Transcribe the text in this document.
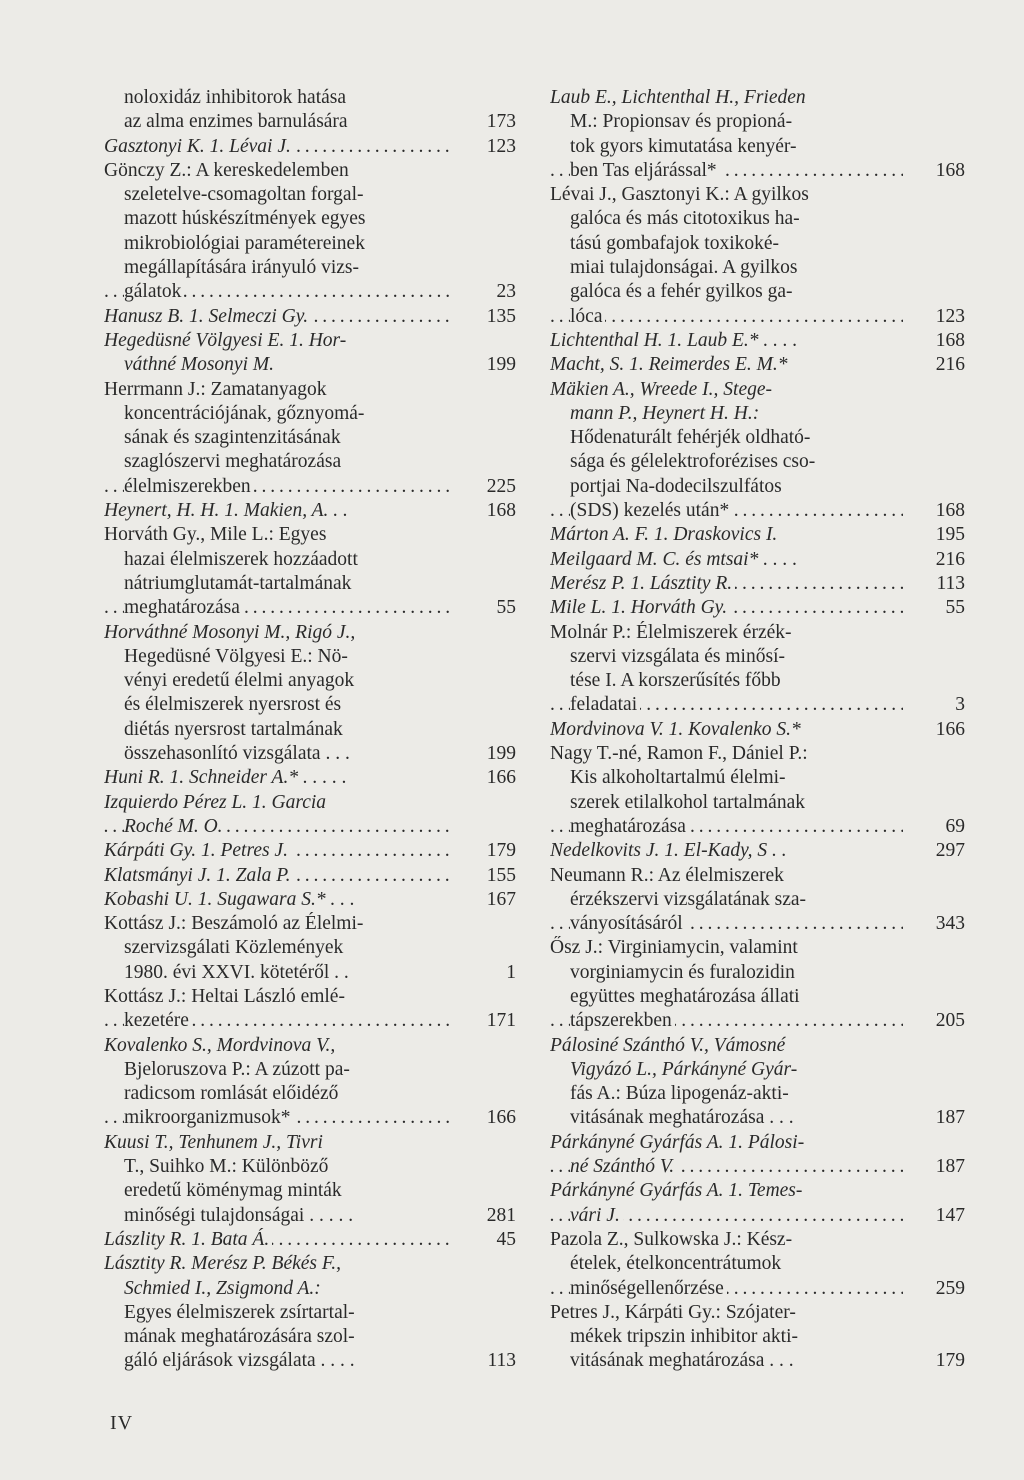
noloxidáz inhibitorok hatása
az alma enzimes barnulására	173
Gasztonyi K. 1. Lévai J.	123
. . .
Gönczy Z.: A kereskedelemben
szeletelve-csomagoltan forgal-
mazott húskészítmények egyes
mikrobiológiai paramétereinek
megállapítására irányuló vizs-
gálatok	23
. . .
Hanusz B. 1. Selmeczi Gy.	135
. . .
Hegedüsné Völgyesi E. 1. Hor-
váthné Mosonyi M.	199
Herrmann J.: Zamatanyagok
koncentrációjának, gőznyomá-
sának és szagintenzitásának
szaglószervi meghatározása
élelmiszerekben	225
. . .
Heynert, H. H. 1. Makien, A. . .	168
Horváth Gy., Mile L.: Egyes
hazai élelmiszerek hozzáadott
nátriumglutamát-tartalmának
meghatározása	55
. . .
Horváthné Mosonyi M., Rigó J.,
Hegedüsné Völgyesi E.: Nö-
vényi eredetű élelmi anyagok
és élelmiszerek nyersrost és
diétás nyersrost tartalmának
összehasonlító vizsgálata . . .	199
Huni R. 1. Schneider A.* . . . . .	166
Izquierdo Pérez L. 1. Garcia
Roché M. O. . . .
Kárpáti Gy. 1. Petres J.	179
. . .
Klatsmányi J. 1. Zala P.	155
. . .
Kobashi U. 1. Sugawara S.* . . .	167
Kottász J.: Beszámoló az Élelmi-
szervizsgálati Közlemények
1980. évi XXVI. kötetéről . .	1
Kottász J.: Heltai László emlé-
kezetére	171
. . .
Kovalenko S., Mordvinova V.,
Bjelоruszova P.: A zúzott pa-
radicsom romlását előidéző
mikroorganizmusok*	166
. . .
Kuusi T., Tenhunem J., Tivri
T., Suihko M.: Különböző
eredetű köménymag minták
minőségi tulajdonságai . . . . .	281
Lászlity R. 1. Bata Á.	45
. . .
Lásztity R. Merész P. Békés F.,
Schmied I., Zsigmond A.:
Egyes élelmiszerek zsírtartal-
mának meghatározására szol-
gáló eljárások vizsgálata . . . .	113
Laub E., Lichtenthal H., Frieden
M.: Propionsav és propioná-
tok gyors kimutatása kenyér-
ben Tas eljárással*	168
. . .
Lévai J., Gasztonyi K.: A gyilkos
galóca és más citotoxikus ha-
tású gombafajok toxikoké-
miai tulajdonságai. A gyilkos
galóca és a fehér gyilkos ga-
lóca	123
. . .
Lichtenthal H. 1. Laub E.* . . . .	168
Macht, S. 1. Reimerdes E. M.*	216
Mäkien A., Wreede I., Stege-
mann P., Heynert H. H.:
Hődenaturált fehérjék oldható-
sága és gélelektroforézises cso-
portjai Na-dodecilszulfátos
(SDS) kezelés után*	168
. . .
Márton A. F. 1. Draskovics I.	195
Meilgaard M. C. és mtsai* . . . .	216
Merész P. 1. Lásztity R.	113
. . .
Mile L. 1. Horváth Gy.	55
. . .
Molnár P.: Élelmiszerek érzék-
szervi vizsgálata és minősí-
tése I. A korszerűsítés főbb
feladatai	3
. . .
Mordvinova V. 1. Kovalenko S.*	166
Nagy T.-né, Ramon F., Dániel P.:
Kis alkoholtartalmú élelmi-
szerek etilalkohol tartalmának
meghatározása	69
. . .
Nedelkovits J. 1. El-Kady, S . .	297
Neumann R.: Az élelmiszerek
érzékszervi vizsgálatának sza-
ványosításáról	343
. . .
Ősz J.: Virginiamycin, valamint
vorginiamycin és furalozidin
együttes meghatározása állati
tápszerekben	205
. . .
Pálosiné Szánthó V., Vámosné
Vigyázó L., Párkányné Gyár-
fás A.: Búza lipogenáz-akti-
vitásának meghatározása . . .	187
Párkányné Gyárfás A. 1. Pálosi-
né Szánthó V.	187
. . .
Párkányné Gyárfás A. 1. Temes-
vári J.	147
. . .
Pazola Z., Sulkowska J.: Kész-
ételek, ételkoncentrátumok
minőségellenőrzése	259
. . .
Petres J., Kárpáti Gy.: Szójater-
mékek tripszin inhibitor akti-
vitásának meghatározása . . .	179
IV
